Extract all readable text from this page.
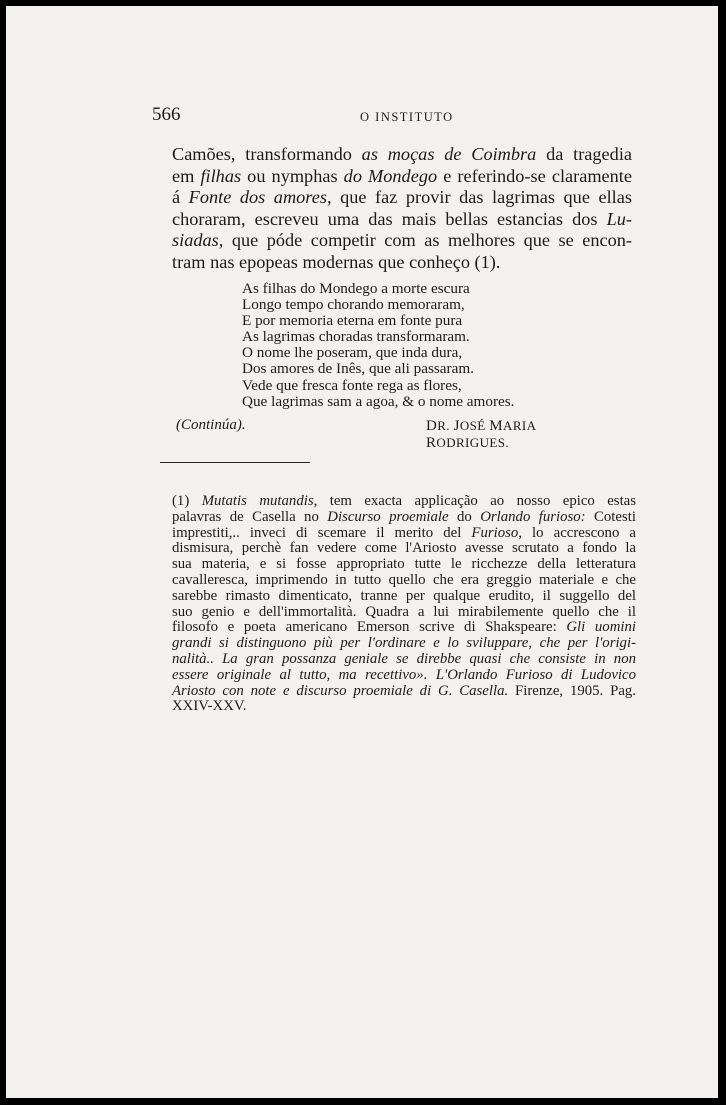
566	O INSTITUTO
Camões, transformando as moças de Coimbra da tragedia
em filhas ou nymphas do Mondego e referindo-se claramente
á Fonte dos amores, que faz provir das lagrimas que ellas
choraram, escreveu uma das mais bellas estancias dos Lu-
siadas, que póde competir com as melhores que se encon-
tram nas epopeas modernas que conheço (1).
As filhas do Mondego a morte escura
Longo tempo chorando memoraram,
E por memoria eterna em fonte pura
As lagrimas choradas transformaram.
O nome lhe poseram, que inda dura,
Dos amores de Inês, que ali passaram.
Vede que fresca fonte rega as flores,
Que lagrimas sam a agoa, & o nome amores.
(Continúa).	DR. JOSÉ MARIA RODRIGUES.
(1) Mutatis mutandis, tem exacta applicação ao nosso epico estas
palavras de Casella no Discurso proemiale do Orlando furioso: Cotesti
imprestiti,.. inveci di scemare il merito del Furioso, lo accrescono a
dismisura, perchè fan vedere come l'Ariosto avesse scrutato a fondo la
sua materia, e si fosse appropriato tutte le ricchezze della letteratura
cavalleresca, imprimendo in tutto quello che era greggio materiale e che
sarebbe rimasto dimenticato, tranne per qualque erudito, il suggello del
suo genio e dell'immortalità. Quadra a lui mirabilemente quello che il
filosofo e poeta americano Emerson scrive di Shakspeare: Gli uomini
grandi si distinguono più per l'ordinare e lo sviluppare, che per l'origi-
nalità.. La gran possanza geniale se direbbe quasi che consiste in non
essere originale al tutto, ma recettivo». L'Orlando Furioso di Ludovico
Ariosto con note e discurso proemiale di G. Casella. Firenze, 1905. Pag.
XXIV-XXV.
